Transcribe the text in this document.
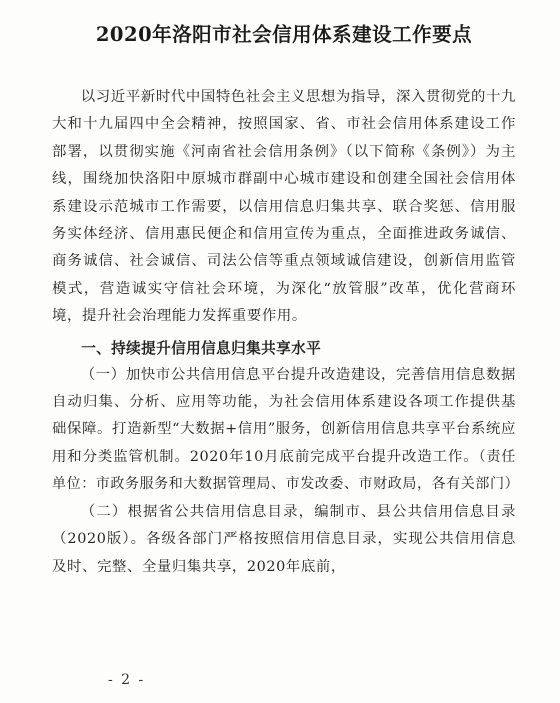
2020年洛阳市社会信用体系建设工作要点

以习近平新时代中国特色社会主义思想为指导，深入贯彻党的十九大和十九届四中全会精神，按照国家、省、市社会信用体系建设工作部署，以贯彻实施《河南省社会信用条例》（以下简称《条例》）为主线，围绕加快洛阳中原城市群副中心城市建设和创建全国社会信用体系建设示范城市工作需要，以信用信息归集共享、联合奖惩、信用服务实体经济、信用惠民便企和信用宣传为重点，全面推进政务诚信、商务诚信、社会诚信、司法公信等重点领域诚信建设，创新信用监管模式，营造诚实守信社会环境，为深化“放管服”改革，优化营商环境，提升社会治理能力发挥重要作用。

一、持续提升信用信息归集共享水平

（一）加快市公共信用信息平台提升改造建设，完善信用信息数据自动归集、分析、应用等功能，为社会信用体系建设各项工作提供基础保障。打造新型“大数据+信用”服务，创新信用信息共享平台系统应用和分类监管机制。2020年10月底前完成平台提升改造工作。（责任单位：市政务服务和大数据管理局、市发改委、市财政局，各有关部门）

（二）根据省公共信用信息目录，编制市、县公共信用信息目录（2020版）。各级各部门严格按照信用信息目录，实现公共信用信息及时、完整、全量归集共享，2020年底前，

- 2 -
